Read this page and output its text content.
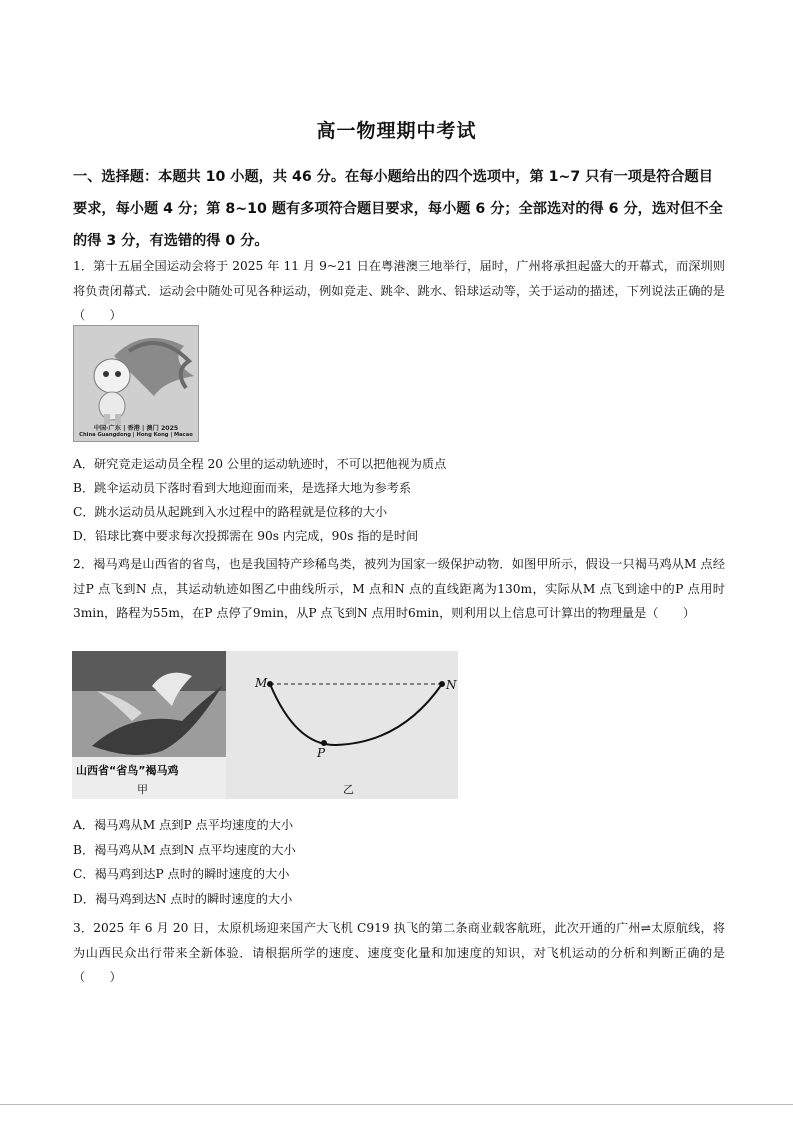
高一物理期中考试
一、选择题：本题共 10 小题，共 46 分。在每小题给出的四个选项中，第 1~7 只有一项是符合题目要求，每小题 4 分；第 8~10 题有多项符合题目要求，每小题 6 分；全部选对的得 6 分，选对但不全的得 3 分，有选错的得 0 分。
1．第十五届全国运动会将于 2025 年 11 月 9~21 日在粤港澳三地举行，届时，广州将承担起盛大的开幕式，而深圳则将负责闭幕式．运动会中随处可见各种运动，例如竞走、跳伞、跳水、铅球运动等，关于运动的描述，下列说法正确的是（　　）
中国·广东 | 香港 | 澳门 2025
China Guangdong | Hong Kong | Macao
A．研究竞走运动员全程 20 公里的运动轨迹时，不可以把他视为质点
B．跳伞运动员下落时看到大地迎面而来，是选择大地为参考系
C．跳水运动员从起跳到入水过程中的路程就是位移的大小
D．铅球比赛中要求每次投掷需在 90s 内完成，90s 指的是时间
2．褐马鸡是山西省的省鸟，也是我国特产珍稀鸟类，被列为国家一级保护动物．如图甲所示，假设一只褐马鸡从M 点经过P 点飞到N 点，其运动轨迹如图乙中曲线所示，M 点和N 点的直线距离为130m，实际从M 点飞到途中的P 点用时3min，路程为55m，在P 点停了9min，从P 点飞到N 点用时6min，则利用以上信息可计算出的物理量是（　　）
山西省“省鸟”褐马鸡
甲
M	N
P
乙
A．褐马鸡从M 点到P 点平均速度的大小
B．褐马鸡从M 点到N 点平均速度的大小
C．褐马鸡到达P 点时的瞬时速度的大小
D．褐马鸡到达N 点时的瞬时速度的大小
3．2025 年 6 月 20 日，太原机场迎来国产大飞机 C919 执飞的第二条商业载客航班，此次开通的广州⇌太原航线，将为山西民众出行带来全新体验．请根据所学的速度、速度变化量和加速度的知识，对飞机运动的分析和判断正确的是（　　）
